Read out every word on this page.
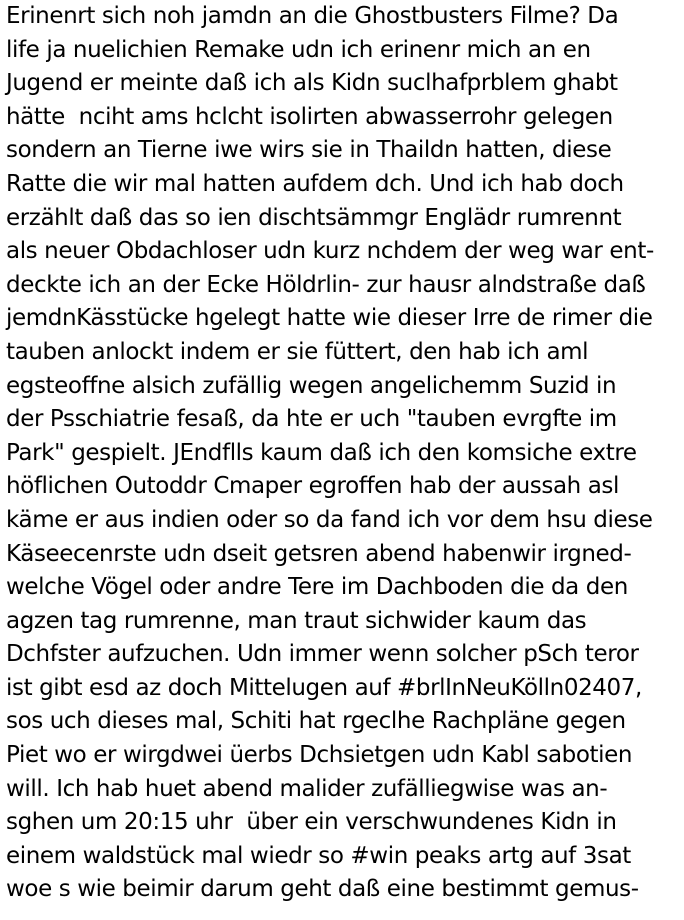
Erinenrt sich noh jamdn an die Ghostbusters Filme? Da
life ja nuelichien Remake udn ich erinenr mich an en
Jugend er meinte daß ich als Kidn suclhafprblem ghabt
hätte  nciht ams hclcht isolirten abwasserrohr gelegen
sondern an Tierne iwe wirs sie in Thaildn hatten, diese
Ratte die wir mal hatten aufdem dch. Und ich hab doch
erzählt daß das so ien dischtsämmgr Englädr rumrennt
als neuer Obdachloser udn kurz nchdem der weg war ent-
deckte ich an der Ecke Höldrlin- zur hausr alndstraße daß
jemdnKässtücke hgelegt hatte wie dieser Irre de rimer die
tauben anlockt indem er sie füttert, den hab ich aml
egsteoffne alsich zufällig wegen angelichemm Suzid in
der Psschiatrie fesaß, da hte er uch "tauben evrgfte im
Park" gespielt. JEndflls kaum daß ich den komsiche extre
höflichen Outoddr Cmaper egroffen hab der aussah asl
käme er aus indien oder so da fand ich vor dem hsu diese
Käseecenrste udn dseit getsren abend habenwir irgned-
welche Vögel oder andre Tere im Dachboden die da den
agzen tag rumrenne, man traut sichwider kaum das
Dchfster aufzuchen. Udn immer wenn solcher pSch teror
ist gibt esd az doch Mittelugen auf #brlInNeuKölln02407,
sos uch dieses mal, Schiti hat rgeclhe Rachpläne gegen
Piet wo er wirgdwei üerbs Dchsietgen udn Kabl sabotien
will. Ich hab huet abend malider zufälliegwise was an-
sghen um 20:15 uhr  über ein verschwundenes Kidn in
einem waldstück mal wiedr so #win peaks artg auf 3sat
woe s wie beimir darum geht daß eine bestimmt gemus-
